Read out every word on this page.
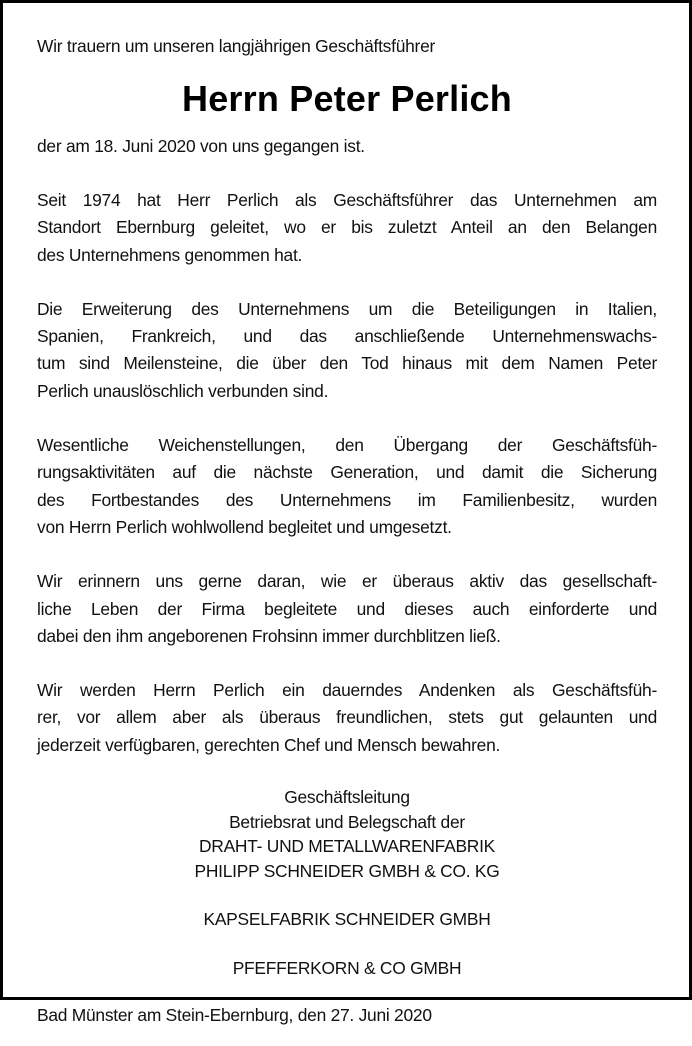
Wir trauern um unseren langjährigen Geschäftsführer

Herrn Peter Perlich

der am 18. Juni 2020 von uns gegangen ist.

Seit 1974 hat Herr Perlich als Geschäftsführer das Unternehmen am
Standort Ebernburg geleitet, wo er bis zuletzt Anteil an den Belangen
des Unternehmens genommen hat.
Die Erweiterung des Unternehmens um die Beteiligungen in Italien,
Spanien, Frankreich, und das anschließende Unternehmenswachs-
tum sind Meilensteine, die über den Tod hinaus mit dem Namen Peter
Perlich unauslöschlich verbunden sind.
Wesentliche Weichenstellungen, den Übergang der Geschäftsfüh-
rungsaktivitäten auf die nächste Generation, und damit die Sicherung
des Fortbestandes des Unternehmens im Familienbesitz, wurden
von Herrn Perlich wohlwollend begleitet und umgesetzt.
Wir erinnern uns gerne daran, wie er überaus aktiv das gesellschaft-
liche Leben der Firma begleitete und dieses auch einforderte und
dabei den ihm angeborenen Frohsinn immer durchblitzen ließ.
Wir werden Herrn Perlich ein dauerndes Andenken als Geschäftsfüh-
rer, vor allem aber als überaus freundlichen, stets gut gelaunten und
jederzeit verfügbaren, gerechten Chef und Mensch bewahren.
Geschäftsleitung
Betriebsrat und Belegschaft der
DRAHT- UND METALLWARENFABRIK
PHILIPP SCHNEIDER GMBH & CO. KG
KAPSELFABRIK SCHNEIDER GMBH
PFEFFERKORN & CO GMBH

Bad Münster am Stein-Ebernburg, den 27. Juni 2020
